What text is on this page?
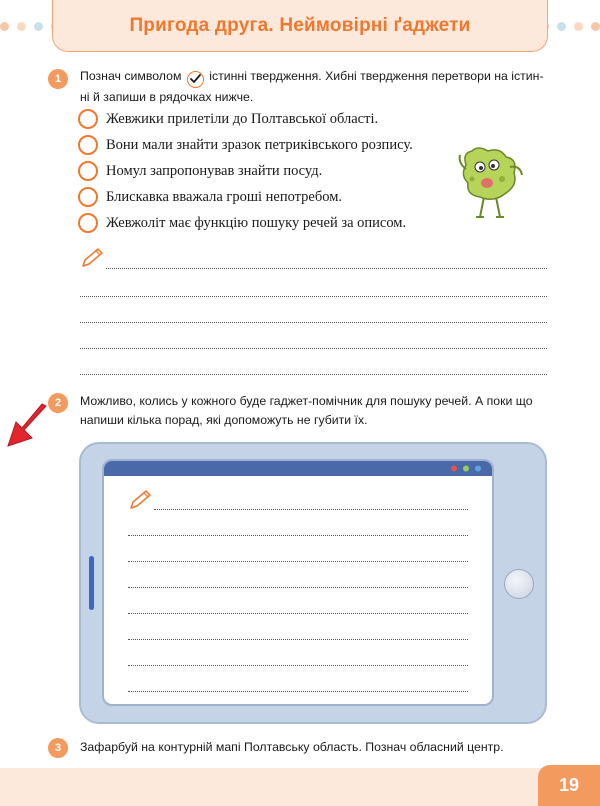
Пригода друга. Неймовірні ґаджети
1	Познач символом істинні твердження. Хибні твердження перетвори на істин-
ні й запиши в рядочках нижче.
Жевжики прилетіли до Полтавської області.
Вони мали знайти зразок петриківського розпису.
Номул запропонував знайти посуд.
Блискавка вважала гроші непотребом.
Жевжоліт має функцію пошуку речей за описом.
2	Можливо, колись у кожного буде гаджет-помічник для пошуку речей. А поки що
напиши кілька порад, які допоможуть не губити їх.
3	Зафарбуй на контурній мапі Полтавську область. Познач обласний центр.
19
